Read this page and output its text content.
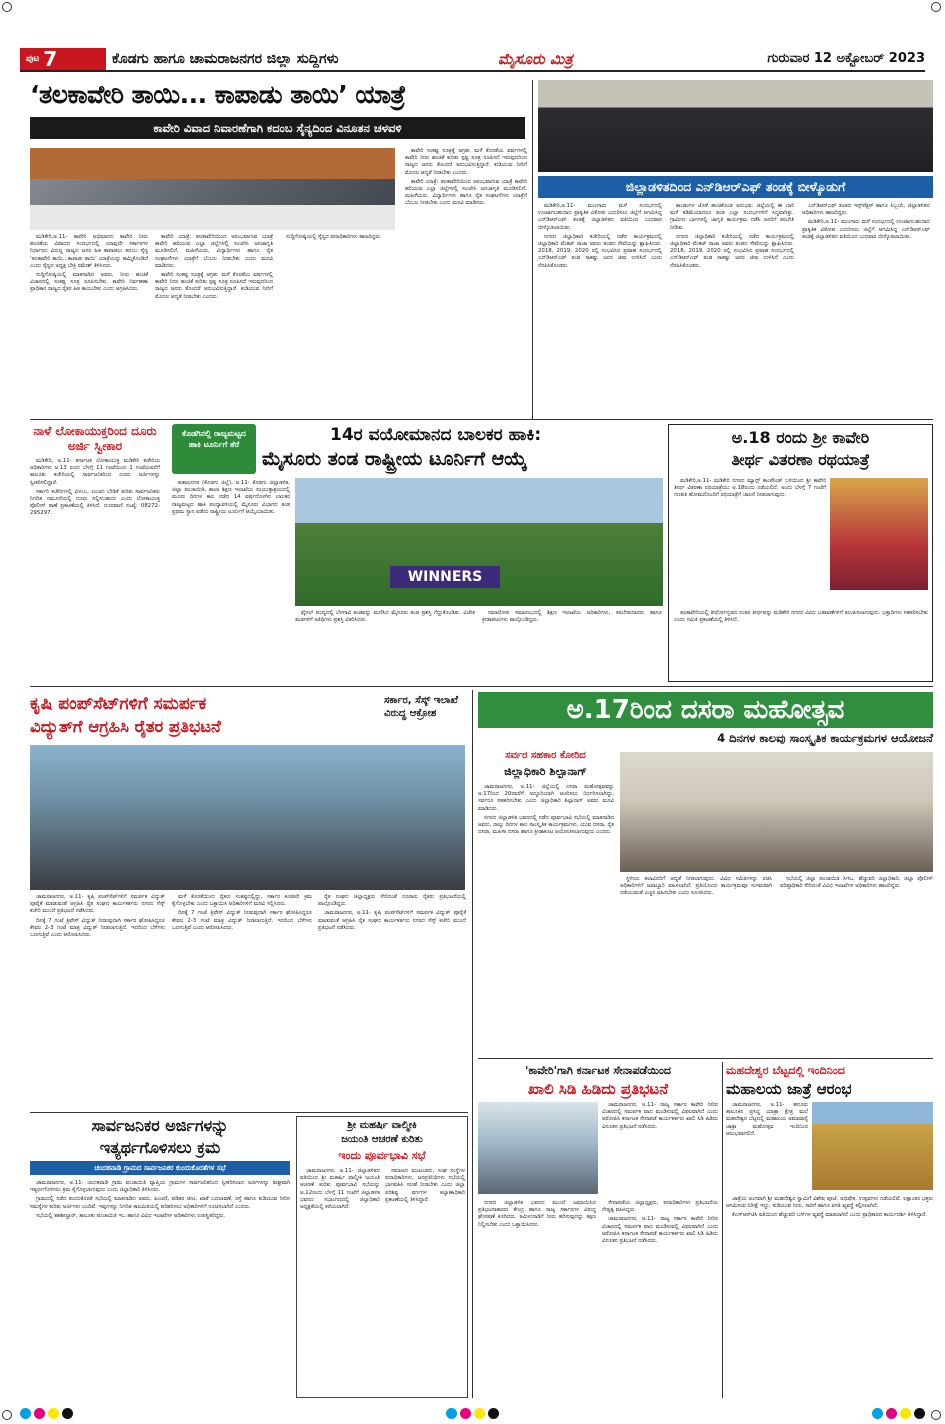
ಪುಟ 7	ಕೊಡಗು ಹಾಗೂ ಚಾಮರಾಜನಗರ ಜಿಲ್ಲಾ ಸುದ್ದಿಗಳು	ಮೈಸೂರು ಮಿತ್ರ	ಗುರುವಾರ 12 ಅಕ್ಟೋಬರ್ 2023
‘ತಲಕಾವೇರಿ ತಾಯಿ... ಕಾಪಾಡು ತಾಯಿ’ ಯಾತ್ರೆ
ಕಾವೇರಿ ವಿವಾದ ನಿವಾರಣೆಗಾಗಿ ಕದಂಬ ಸೈನ್ಯದಿಂದ ವಿನೂತನ ಚಳವಳಿ

ಮಡಿಕೇರಿ,ಅ.11- ಕಾವೇರಿ ಅಭಿಮಾನದ ಕಾವೇರಿ ನೀರು ಹಂಚಿಕೆಯ ವಿವಾದದ ಸಂದರ್ಭದಲ್ಲಿ ಯಾವುದೇ ಸರ್ಕಾರಗಳ ನಿರ್ಧಾರದ ವಿರುದ್ಧ ರಾಜ್ಯದ ಜನರ ಹಿತ ಕಾಪಾಡಲು ಕದಂಬ ಸೈನ್ಯ 'ತಲಕಾವೇರಿ ತಾಯಿ...ಕಾಪಾಡು ತಾಯಿ' ಯಾತ್ರೆಯನ್ನು ಹಮ್ಮಿಕೊಂಡಿದೆ ಎಂದು ಸೈನ್ಯದ ಅಧ್ಯಕ್ಷ ಬೇಕ್ರಿ ರಮೇಶ್ ತಿಳಿಸಿದರು.

ಸುದ್ದಿಗೋಷ್ಠಿಯಲ್ಲಿ ಮಾತನಾಡಿದ ಅವರು, ನೀರು ಹಂಚಿಕೆ ವಿಚಾರದಲ್ಲಿ ಸಂಕಷ್ಟ ಸೂತ್ರ ರೂಪಿಸಬೇಕು. ಕಾವೇರಿ ನಿರ್ವಹಣಾ ಪ್ರಾಧಿಕಾರ ರಾಜ್ಯದ ರೈತರ ಹಿತ ಕಾಯಬೇಕು ಎಂದು ಆಗ್ರಹಿಸಿದರು.

ಕಾವೇರಿ ಯಾತ್ರೆ: ತಲಕಾವೇರಿಯಿಂದ ಆರಂಭವಾಗುವ ಯಾತ್ರೆ ಕಾವೇರಿ ಹರಿಯುವ ಎಲ್ಲಾ ಜಿಲ್ಲೆಗಳಲ್ಲಿ ಸಂಚರಿಸಿ ಜನಜಾಗೃತಿ ಮೂಡಿಸಲಿದೆ. ಮಹಿಳೆಯರು, ವಿದ್ಯಾರ್ಥಿಗಳು ಹಾಗೂ ರೈತ ಸಂಘಟನೆಗಳು ಯಾತ್ರೆಗೆ ಬೆಂಬಲ ನೀಡಬೇಕು ಎಂದು ಮನವಿ ಮಾಡಿದರು.

ಕಾವೇರಿ ಸಂಕಷ್ಟ ಸೂತ್ರಕ್ಕೆ ಆಗ್ರಹ: ಮಳೆ ಕೊರತೆಯ ವರ್ಷಗಳಲ್ಲಿ ಕಾವೇರಿ ನೀರು ಹಂಚಿಕೆ ಕುರಿತು ಸ್ಪಷ್ಟ ಸೂತ್ರ ರೂಪಿಸದೆ ಇರುವುದರಿಂದ ರಾಜ್ಯದ ಜನರು ತೊಂದರೆ ಅನುಭವಿಸುತ್ತಿದ್ದಾರೆ. ಕುಡಿಯುವ ನೀರಿಗೆ ಮೊದಲ ಆದ್ಯತೆ ನೀಡಬೇಕು ಎಂದರು.

ಸುದ್ದಿಗೋಷ್ಠಿಯಲ್ಲಿ ಸೈನ್ಯದ ಪದಾಧಿಕಾರಿಗಳು ಹಾಜರಿದ್ದರು.

ಕಾವೇರಿ ಸಂಕಷ್ಟ ಸೂತ್ರಕ್ಕೆ ಆಗ್ರಹ: ಮಳೆ ಕೊರತೆಯ ವರ್ಷಗಳಲ್ಲಿ ಕಾವೇರಿ ನೀರು ಹಂಚಿಕೆ ಕುರಿತು ಸ್ಪಷ್ಟ ಸೂತ್ರ ರೂಪಿಸದೆ ಇರುವುದರಿಂದ ರಾಜ್ಯದ ಜನರು ತೊಂದರೆ ಅನುಭವಿಸುತ್ತಿದ್ದಾರೆ. ಕುಡಿಯುವ ನೀರಿಗೆ ಮೊದಲ ಆದ್ಯತೆ ನೀಡಬೇಕು ಎಂದರು.

ಕಾವೇರಿ ಯಾತ್ರೆ: ತಲಕಾವೇರಿಯಿಂದ ಆರಂಭವಾಗುವ ಯಾತ್ರೆ ಕಾವೇರಿ ಹರಿಯುವ ಎಲ್ಲಾ ಜಿಲ್ಲೆಗಳಲ್ಲಿ ಸಂಚರಿಸಿ ಜನಜಾಗೃತಿ ಮೂಡಿಸಲಿದೆ. ಮಹಿಳೆಯರು, ವಿದ್ಯಾರ್ಥಿಗಳು ಹಾಗೂ ರೈತ ಸಂಘಟನೆಗಳು ಯಾತ್ರೆಗೆ ಬೆಂಬಲ ನೀಡಬೇಕು ಎಂದು ಮನವಿ ಮಾಡಿದರು.

ಜಿಲ್ಲಾಡಳಿತದಿಂದ ಎನ್‌ಡಿಆರ್‌ಎಫ್ ತಂಡಕ್ಕೆ ಬೀಳ್ಕೊಡುಗೆ

ಮಡಿಕೇರಿ,ಅ.11- ಮುಂಗಾರು ಮಳೆ ಸಂದರ್ಭದಲ್ಲಿ ಉಂಟಾಗಬಹುದಾದ ಪ್ರಾಕೃತಿಕ ವಿಕೋಪ ಎದುರಿಸಲು ಜಿಲ್ಲೆಗೆ ಆಗಮಿಸಿದ್ದ ಎನ್‌ಡಿಆರ್‌ಎಫ್ ತಂಡಕ್ಕೆ ಜಿಲ್ಲಾಡಳಿತದ ವತಿಯಿಂದ ಬುಧವಾರ ಬೀಳ್ಕೊಡಲಾಯಿತು.

ನಗರದ ಜಿಲ್ಲಾಧಿಕಾರಿ ಕಚೇರಿಯಲ್ಲಿ ನಡೆದ ಕಾರ್ಯಕ್ರಮದಲ್ಲಿ ಜಿಲ್ಲಾಧಿಕಾರಿ ವೆಂಕಟ್ ರಾಜಾ ಅವರು ತಂಡದ ಸೇವೆಯನ್ನು ಶ್ಲಾಘಿಸಿದರು. 2018, 2019, 2020 ರಲ್ಲಿ ಸಂಭವಿಸಿದ ಪ್ರವಾಹ ಸಂದರ್ಭದಲ್ಲಿ ಎನ್‌ಡಿಆರ್‌ಎಫ್ ತಂಡ ಸಾಕಷ್ಟು ಜನರ ಜೀವ ಉಳಿಸಿದೆ ಎಂದು ನೆನಪಿಸಿಕೊಂಡರು.

ಕಾಂಡಂಗಳ ಜೊತೆ ಹಂಚಿಕೊಂಡ ಅನುಭವ: ಜಿಲ್ಲೆಯಲ್ಲಿ ಈ ಬಾರಿ ಮಳೆ ಕಡಿಮೆಯಾದರೂ ತಂಡ ಎಲ್ಲಾ ಸಂದರ್ಭಗಳಿಗೆ ಸಿದ್ಧವಾಗಿತ್ತು. ಗ್ರಾಮೀಣ ಭಾಗಗಳಲ್ಲಿ ಜಾಗೃತಿ ಕಾರ್ಯಕ್ರಮ ನಡೆಸಿ ಜನರಿಗೆ ತರಬೇತಿ ನೀಡಿತು.

ನಗರದ ಜಿಲ್ಲಾಧಿಕಾರಿ ಕಚೇರಿಯಲ್ಲಿ ನಡೆದ ಕಾರ್ಯಕ್ರಮದಲ್ಲಿ ಜಿಲ್ಲಾಧಿಕಾರಿ ವೆಂಕಟ್ ರಾಜಾ ಅವರು ತಂಡದ ಸೇವೆಯನ್ನು ಶ್ಲಾಘಿಸಿದರು. 2018, 2019, 2020 ರಲ್ಲಿ ಸಂಭವಿಸಿದ ಪ್ರವಾಹ ಸಂದರ್ಭದಲ್ಲಿ ಎನ್‌ಡಿಆರ್‌ಎಫ್ ತಂಡ ಸಾಕಷ್ಟು ಜನರ ಜೀವ ಉಳಿಸಿದೆ ಎಂದು ನೆನಪಿಸಿಕೊಂಡರು.

ಎನ್‌ಡಿಆರ್‌ಎಫ್ ತಂಡದ ಇನ್ಸ್‌ಪೆಕ್ಟರ್ ಹಾಗೂ ಸಿಬ್ಬಂದಿ, ಜಿಲ್ಲಾಡಳಿತದ ಅಧಿಕಾರಿಗಳು ಹಾಜರಿದ್ದರು.

ಮಡಿಕೇರಿ,ಅ.11- ಮುಂಗಾರು ಮಳೆ ಸಂದರ್ಭದಲ್ಲಿ ಉಂಟಾಗಬಹುದಾದ ಪ್ರಾಕೃತಿಕ ವಿಕೋಪ ಎದುರಿಸಲು ಜಿಲ್ಲೆಗೆ ಆಗಮಿಸಿದ್ದ ಎನ್‌ಡಿಆರ್‌ಎಫ್ ತಂಡಕ್ಕೆ ಜಿಲ್ಲಾಡಳಿತದ ವತಿಯಿಂದ ಬುಧವಾರ ಬೀಳ್ಕೊಡಲಾಯಿತು.

ನಾಳೆ ಲೋಕಾಯುಕ್ತರಿಂದ ದೂರು ಅರ್ಜಿ ಸ್ವೀಕಾರ

ಮಡಿಕೇರಿ, ಅ.11- ಕರ್ನಾಟಕ ಲೋಕಾಯುಕ್ತ ಮಡಿಕೇರಿ ಕಚೇರಿಯ ಅಧಿಕಾರಿಗಳು ಅ.13 ರಂದು ಬೆಳಗ್ಗೆ 11 ಗಂಟೆಯಿಂದ 1 ಗಂಟೆಯವರೆಗೆ ತಾಲೂಕು ಕಚೇರಿಯಲ್ಲಿ ಸಾರ್ವಜನಿಕರಿಂದ ದೂರು ಅರ್ಜಿಗಳನ್ನು ಸ್ವೀಕರಿಸಲಿದ್ದಾರೆ.

ಸರ್ಕಾರಿ ಕಚೇರಿಗಳಲ್ಲಿ ವಿಳಂಬ, ಲಂಚದ ಬೇಡಿಕೆ ಕುರಿತು ಸಾರ್ವಜನಿಕರು ನಿಗದಿತ ನಮೂನೆಯಲ್ಲಿ ದೂರು ಸಲ್ಲಿಸಬಹುದು ಎಂದು ಲೋಕಾಯುಕ್ತ ಪೊಲೀಸ್ ಠಾಣೆ ಪ್ರಕಟಣೆಯಲ್ಲಿ ತಿಳಿಸಿದೆ. ದೂರವಾಣಿ ಸಂಖ್ಯೆ: 08272-295297.

ಕೊಡಗಿನಲ್ಲಿ ರಾಜ್ಯಮಟ್ಟದ ಹಾಕಿ ಟೂರ್ನಿಗೆ ತೆರೆ	14ರ ವಯೋಮಾನದ ಬಾಲಕರ ಹಾಕಿ:
ಮೈಸೂರು ತಂಡ ರಾಷ್ಟ್ರೀಯ ಟೂರ್ನಿಗೆ ಆಯ್ಕೆ
WINNERS

ಕುಶಾಲನಗರ (ಕೊಡಗು ಜಿಲ್ಲೆ), ಅ.11- ಕೊಡಗು ಜಿಲ್ಲಾಡಳಿತ, ಜಿಲ್ಲಾ ಪಂಚಾಯಿತಿ, ಶಾಲಾ ಶಿಕ್ಷಣ ಇಲಾಖೆಯ ಸಂಯುಕ್ತಾಶ್ರಯದಲ್ಲಿ ಮೂರು ದಿನಗಳ ಕಾಲ ನಡೆದ 14 ವರ್ಷದೊಳಗಿನ ಬಾಲಕರ ರಾಜ್ಯಮಟ್ಟದ ಹಾಕಿ ಪಂದ್ಯಾವಳಿಯಲ್ಲಿ ಮೈಸೂರು ವಿಭಾಗದ ತಂಡ ಪ್ರಥಮ ಸ್ಥಾನ ಪಡೆದು ರಾಷ್ಟ್ರೀಯ ಟೂರ್ನಿಗೆ ಆಯ್ಕೆಯಾಯಿತು.

ಫೈನಲ್ ಪಂದ್ಯದಲ್ಲಿ ಬೆಳಗಾವಿ ತಂಡವನ್ನು ಮಣಿಸಿದ ಮೈಸೂರು ತಂಡ ಪ್ರಶಸ್ತಿ ಗೆದ್ದುಕೊಂಡಿತು. ವಿಜೇತ ತಂಡಗಳಿಗೆ ಅತಿಥಿಗಳು ಪ್ರಶಸ್ತಿ ವಿತರಿಸಿದರು.

ಸಮಾರೋಪ ಸಮಾರಂಭದಲ್ಲಿ ಶಿಕ್ಷಣ ಇಲಾಖೆಯ ಅಧಿಕಾರಿಗಳು, ತರಬೇತುದಾರರು ಹಾಗೂ ಕ್ರೀಡಾಪಟುಗಳು ಪಾಲ್ಗೊಂಡಿದ್ದರು.

ಅ.18 ರಂದು ಶ್ರೀ ಕಾವೇರಿ
ತೀರ್ಥ ವಿತರಣಾ ರಥಯಾತ್ರೆ

ಮಡಿಕೇರಿ,ಅ.11- ಮಡಿಕೇರಿ ನಗರದ ಮ್ಯಾನ್ಸ್ ಕಾಂಪೌಂಡ್ ಬಳಿಯಿಂದ ಶ್ರೀ ಕಾವೇರಿ ತೀರ್ಥ ವಿತರಣಾ ರಥಯಾತ್ರೆಯು ಅ.18ರಂದು ನಡೆಯಲಿದೆ. ಅಂದು ಬೆಳಗ್ಗೆ 7 ಗಂಟೆಗೆ ಗಣಪತಿ ಹೋಮದೊಂದಿಗೆ ರಥಯಾತ್ರೆಗೆ ಚಾಲನೆ ನೀಡಲಾಗುವುದು.

ತಲಕಾವೇರಿಯಲ್ಲಿ ತೀರ್ಥೋದ್ಭವದ ನಂತರ ತೀರ್ಥವನ್ನು ಮಡಿಕೇರಿ ನಗರದ ವಿವಿಧ ಬಡಾವಣೆಗಳಿಗೆ ತಲುಪಿಸಲಾಗುವುದು. ಭಕ್ತಾದಿಗಳು ಸಹಕರಿಸಬೇಕು ಎಂದು ಸಮಿತಿ ಪ್ರಕಟಣೆಯಲ್ಲಿ ತಿಳಿಸಿದೆ.

ಕೃಷಿ ಪಂಪ್‌ಸೆಟ್‌ಗಳಿಗೆ ಸಮರ್ಪಕ
ವಿದ್ಯುತ್‌ಗೆ ಆಗ್ರಹಿಸಿ ರೈತರ ಪ್ರತಿಭಟನೆ
ಸರ್ಕಾರ, ಸೆಸ್ಕ್ ಇಲಾಖೆ ವಿರುದ್ಧ ಆಕ್ರೋಶ

ಚಾಮರಾಜನಗರ, ಅ.11- ಕೃಷಿ ಪಂಪ್‌ಸೆಟ್‌ಗಳಿಗೆ ಸಮರ್ಪಕ ವಿದ್ಯುತ್ ಪೂರೈಕೆ ಮಾಡುವಂತೆ ಆಗ್ರಹಿಸಿ ರೈತ ಸಂಘದ ಕಾರ್ಯಕರ್ತರು ನಗರದ ಸೆಸ್ಕ್ ಕಚೇರಿ ಮುಂದೆ ಪ್ರತಿಭಟನೆ ನಡೆಸಿದರು.

ದಿನಕ್ಕೆ 7 ಗಂಟೆ ತ್ರಿಫೇಸ್ ವಿದ್ಯುತ್ ನೀಡುವುದಾಗಿ ಸರ್ಕಾರ ಘೋಷಿಸಿದ್ದರೂ ಕೇವಲ 2-3 ಗಂಟೆ ಮಾತ್ರ ವಿದ್ಯುತ್ ನೀಡಲಾಗುತ್ತಿದೆ. ಇದರಿಂದ ಬೆಳೆಗಳು ಒಣಗುತ್ತಿವೆ ಎಂದು ಆರೋಪಿಸಿದರು.

ಮಳೆ ಕೊರತೆಯಿಂದ ರೈತರು ಸಂಕಷ್ಟದಲ್ಲಿದ್ದು, ಸರ್ಕಾರ ಕೂಡಲೇ ಕ್ರಮ ಕೈಗೊಳ್ಳಬೇಕು ಎಂದು ಒತ್ತಾಯಿಸಿ ಅಧಿಕಾರಿಗಳಿಗೆ ಮನವಿ ಸಲ್ಲಿಸಿದರು.

ದಿನಕ್ಕೆ 7 ಗಂಟೆ ತ್ರಿಫೇಸ್ ವಿದ್ಯುತ್ ನೀಡುವುದಾಗಿ ಸರ್ಕಾರ ಘೋಷಿಸಿದ್ದರೂ ಕೇವಲ 2-3 ಗಂಟೆ ಮಾತ್ರ ವಿದ್ಯುತ್ ನೀಡಲಾಗುತ್ತಿದೆ. ಇದರಿಂದ ಬೆಳೆಗಳು ಒಣಗುತ್ತಿವೆ ಎಂದು ಆರೋಪಿಸಿದರು.

ರೈತ ಸಂಘದ ಜಿಲ್ಲಾಧ್ಯಕ್ಷರು ಸೇರಿದಂತೆ ನೂರಾರು ರೈತರು ಪ್ರತಿಭಟನೆಯಲ್ಲಿ ಪಾಲ್ಗೊಂಡಿದ್ದರು.

ಚಾಮರಾಜನಗರ, ಅ.11- ಕೃಷಿ ಪಂಪ್‌ಸೆಟ್‌ಗಳಿಗೆ ಸಮರ್ಪಕ ವಿದ್ಯುತ್ ಪೂರೈಕೆ ಮಾಡುವಂತೆ ಆಗ್ರಹಿಸಿ ರೈತ ಸಂಘದ ಕಾರ್ಯಕರ್ತರು ನಗರದ ಸೆಸ್ಕ್ ಕಚೇರಿ ಮುಂದೆ ಪ್ರತಿಭಟನೆ ನಡೆಸಿದರು.

ಅ.17ರಿಂದ ದಸರಾ ಮಹೋತ್ಸವ
4 ದಿನಗಳ ಕಾಲವು ಸಾಂಸ್ಕೃತಿಕ ಕಾರ್ಯಕ್ರಮಗಳ ಆಯೋಜನೆ
ಸರ್ವರ ಸಹಕಾರ ಕೋರಿದ
ಜಿಲ್ಲಾಧಿಕಾರಿ ಶಿಲ್ಪಾನಾಗ್

ಚಾಮರಾಜನಗರ, ಅ.11- ಜಿಲ್ಲೆಯಲ್ಲಿ ದಸರಾ ಮಹೋತ್ಸವವನ್ನು ಅ.17ರಿಂದ 20ರವರೆಗೆ ಅದ್ದೂರಿಯಾಗಿ ಆಚರಿಸಲು ನಿರ್ಧರಿಸಲಾಗಿದ್ದು, ಸರ್ವರೂ ಸಹಕರಿಸಬೇಕು ಎಂದು ಜಿಲ್ಲಾಧಿಕಾರಿ ಶಿಲ್ಪಾನಾಗ್ ಅವರು ಮನವಿ ಮಾಡಿದರು.

ನಗರದ ಜಿಲ್ಲಾಡಳಿತ ಭವನದಲ್ಲಿ ನಡೆದ ಪೂರ್ವಭಾವಿ ಸಭೆಯಲ್ಲಿ ಮಾತನಾಡಿದ ಅವರು, ನಾಲ್ಕು ದಿನಗಳ ಕಾಲ ಸಾಂಸ್ಕೃತಿಕ ಕಾರ್ಯಕ್ರಮಗಳು, ಯುವ ದಸರಾ, ರೈತ ದಸರಾ, ಮಹಿಳಾ ದಸರಾ ಹಾಗೂ ಕ್ರೀಡಾಕೂಟ ಆಯೋಜಿಸಲಾಗುವುದು ಎಂದರು.

ಸ್ಥಳೀಯ ಕಲಾವಿದರಿಗೆ ಆದ್ಯತೆ ನೀಡಲಾಗುವುದು. ವಿವಿಧ ಸಮಿತಿಗಳನ್ನು ರಚಿಸಿ ಅಧಿಕಾರಿಗಳಿಗೆ ಜವಾಬ್ದಾರಿ ವಹಿಸಲಾಗಿದೆ. ಪ್ರತಿಯೊಂದು ಕಾರ್ಯಕ್ರಮವೂ ಸುಗಮವಾಗಿ ನಡೆಯುವಂತೆ ಎಚ್ಚರ ವಹಿಸಬೇಕು ಎಂದು ಸೂಚಿಸಿದರು.

ಸಭೆಯಲ್ಲಿ ಜಿಲ್ಲಾ ಪಂಚಾಯಿತಿ ಸಿಇಒ, ಹೆಚ್ಚುವರಿ ಜಿಲ್ಲಾಧಿಕಾರಿ, ಜಿಲ್ಲಾ ಪೊಲೀಸ್ ವರಿಷ್ಠಾಧಿಕಾರಿ ಸೇರಿದಂತೆ ವಿವಿಧ ಇಲಾಖೆಗಳ ಅಧಿಕಾರಿಗಳು ಹಾಜರಿದ್ದರು.

'ಕಾವೇರಿ'ಗಾಗಿ ಕರ್ನಾಟಕ ಸೇನಾಪಡೆಯಿಂದ
ಖಾಲಿ ಸಿಡಿ ಹಿಡಿದು ಪ್ರತಿಭಟನೆ

ಚಾಮರಾಜನಗರ, ಅ.11- ರಾಜ್ಯ ಸರ್ಕಾರ ಕಾವೇರಿ ನೀರಿನ ವಿಚಾರದಲ್ಲಿ ಸಮರ್ಪಕ ವಾದ ಮಂಡಿಸುವಲ್ಲಿ ವಿಫಲವಾಗಿದೆ ಎಂದು ಆರೋಪಿಸಿ ಕರ್ನಾಟಕ ಸೇನಾಪಡೆ ಕಾರ್ಯಕರ್ತರು ಖಾಲಿ ಸಿಡಿ ಹಿಡಿದು ವಿನೂತನ ಪ್ರತಿಭಟನೆ ನಡೆಸಿದರು.

ನಗರದ ಜಿಲ್ಲಾಡಳಿತ ಭವನದ ಮುಂದೆ ಜಮಾಯಿಸಿದ ಪ್ರತಿಭಟನಾಕಾರರು ಕೇಂದ್ರ ಹಾಗೂ ರಾಜ್ಯ ಸರ್ಕಾರಗಳ ವಿರುದ್ಧ ಘೋಷಣೆ ಕೂಗಿದರು. ತಮಿಳುನಾಡಿಗೆ ನೀರು ಹರಿಸುವುದನ್ನು ತಕ್ಷಣ ನಿಲ್ಲಿಸಬೇಕು ಎಂದು ಒತ್ತಾಯಿಸಿದರು.

ಸೇನಾಪಡೆಯ ಜಿಲ್ಲಾಧ್ಯಕ್ಷರು, ಪದಾಧಿಕಾರಿಗಳು ಪ್ರತಿಭಟನೆಯ ನೇತೃತ್ವ ವಹಿಸಿದ್ದರು.

ಚಾಮರಾಜನಗರ, ಅ.11- ರಾಜ್ಯ ಸರ್ಕಾರ ಕಾವೇರಿ ನೀರಿನ ವಿಚಾರದಲ್ಲಿ ಸಮರ್ಪಕ ವಾದ ಮಂಡಿಸುವಲ್ಲಿ ವಿಫಲವಾಗಿದೆ ಎಂದು ಆರೋಪಿಸಿ ಕರ್ನಾಟಕ ಸೇನಾಪಡೆ ಕಾರ್ಯಕರ್ತರು ಖಾಲಿ ಸಿಡಿ ಹಿಡಿದು ವಿನೂತನ ಪ್ರತಿಭಟನೆ ನಡೆಸಿದರು.

ಮಹದೇಶ್ವರ ಬೆಟ್ಟದಲ್ಲಿ ಇಂದಿನಿಂದ
ಮಹಾಲಯ ಜಾತ್ರೆ ಆರಂಭ

ಚಾಮರಾಜನಗರ, ಅ.11- ಹನೂರು ತಾಲೂಕಿನ ಪ್ರಸಿದ್ಧ ಯಾತ್ರಾ ಕ್ಷೇತ್ರ ಮಲೆ ಮಹದೇಶ್ವರ ಬೆಟ್ಟದಲ್ಲಿ ಮಹಾಲಯ ಅಮಾವಾಸ್ಯೆ ಜಾತ್ರಾ ಮಹೋತ್ಸವ ಇಂದಿನಿಂದ ಆರಂಭವಾಗಲಿದೆ.

ಜಾತ್ರೆಯ ಅಂಗವಾಗಿ ಶ್ರೀ ಮಹದೇಶ್ವರ ಸ್ವಾಮಿಗೆ ವಿಶೇಷ ಪೂಜೆ, ಅಭಿಷೇಕ, ಉತ್ಸವಗಳು ನಡೆಯಲಿವೆ. ಲಕ್ಷಾಂತರ ಭಕ್ತರು ಆಗಮಿಸುವ ನಿರೀಕ್ಷೆ ಇದ್ದು, ಕುಡಿಯುವ ನೀರು, ಸಾರಿಗೆ ಹಾಗೂ ವಸತಿ ವ್ಯವಸ್ಥೆ ಕಲ್ಪಿಸಲಾಗಿದೆ.

ಕೆಎಸ್‌ಆರ್‌ಟಿಸಿ ವತಿಯಿಂದ ಹೆಚ್ಚುವರಿ ಬಸ್‌ಗಳ ವ್ಯವಸ್ಥೆ ಮಾಡಲಾಗಿದೆ ಎಂದು ಪ್ರಾಧಿಕಾರದ ಕಾರ್ಯದರ್ಶಿ ತಿಳಿಸಿದ್ದಾರೆ.

ಸಾರ್ವಜನಿಕರ ಅರ್ಜಿಗಳನ್ನು
ಇತ್ಯರ್ಥಗೊಳಿಸಲು ಕ್ರಮ
ಚಂದಕವಾಡಿ ಗ್ರಾಮದ ಸಾರ್ವಜನಿಕರ ಕುಂದುಕೊರತೆಗಳ ಸಭೆ

ಚಾಮರಾಜನಗರ, ಅ.11- ಚಂದಕವಾಡಿ ಗ್ರಾಮ ಪಂಚಾಯಿತಿ ವ್ಯಾಪ್ತಿಯ ಗ್ರಾಮಗಳ ಸಾರ್ವಜನಿಕರಿಂದ ಸ್ವೀಕರಿಸಲಾದ ಅರ್ಜಿಗಳನ್ನು ಶೀಘ್ರವಾಗಿ ಇತ್ಯರ್ಥಗೊಳಿಸಲು ಕ್ರಮ ಕೈಗೊಳ್ಳಲಾಗುವುದು ಎಂದು ಜಿಲ್ಲಾಧಿಕಾರಿ ತಿಳಿಸಿದರು.

ಗ್ರಾಮದಲ್ಲಿ ನಡೆದ ಕುಂದುಕೊರತೆ ಸಭೆಯಲ್ಲಿ ಮಾತನಾಡಿದ ಅವರು, ಪಿಂಚಣಿ, ಪಡಿತರ ಚೀಟಿ, ಖಾತೆ ಬದಲಾವಣೆ, ರಸ್ತೆ ಹಾಗೂ ಕುಡಿಯುವ ನೀರಿನ ಸಮಸ್ಯೆಗಳ ಕುರಿತು ಅರ್ಜಿಗಳು ಬಂದಿವೆ. ಇವುಗಳನ್ನು ನಿಗದಿತ ಕಾಲಮಿತಿಯಲ್ಲಿ ಪರಿಹರಿಸಲು ಅಧಿಕಾರಿಗಳಿಗೆ ಸೂಚಿಸಲಾಗಿದೆ ಎಂದರು.

ಸಭೆಯಲ್ಲಿ ತಹಶೀಲ್ದಾರ್, ತಾಲೂಕು ಪಂಚಾಯಿತಿ ಇಒ ಹಾಗೂ ವಿವಿಧ ಇಲಾಖೆಗಳ ಅಧಿಕಾರಿಗಳು ಉಪಸ್ಥಿತರಿದ್ದರು.

ಶ್ರೀ ಮಹರ್ಷಿ ವಾಲ್ಮೀಕಿ
ಜಯಂತಿ ಆಚರಣೆ ಕುರಿತು
ಇಂದು ಪೂರ್ವಭಾವಿ ಸಭೆ

ಚಾಮರಾಜನಗರ, ಅ.11- ಜಿಲ್ಲಾಡಳಿತದ ವತಿಯಿಂದ ಶ್ರೀ ಮಹರ್ಷಿ ವಾಲ್ಮೀಕಿ ಜಯಂತಿ ಆಚರಣೆ ಕುರಿತು ಪೂರ್ವಭಾವಿ ಸಭೆಯನ್ನು ಅ.12ರಂದು ಬೆಳಗ್ಗೆ 11 ಗಂಟೆಗೆ ಜಿಲ್ಲಾಡಳಿತ ಭವನದ ಸಭಾಂಗಣದಲ್ಲಿ ಜಿಲ್ಲಾಧಿಕಾರಿ ಅಧ್ಯಕ್ಷತೆಯಲ್ಲಿ ಕರೆಯಲಾಗಿದೆ.

ಸಮಾಜದ ಮುಖಂಡರು, ಸಂಘ ಸಂಸ್ಥೆಗಳ ಪದಾಧಿಕಾರಿಗಳು, ಜನಪ್ರತಿನಿಧಿಗಳು ಸಭೆಯಲ್ಲಿ ಭಾಗವಹಿಸಿ ಸಲಹೆ ನೀಡಬೇಕು ಎಂದು ಜಿಲ್ಲಾ ಪರಿಶಿಷ್ಟ ವರ್ಗಗಳ ಕಲ್ಯಾಣಾಧಿಕಾರಿ ಪ್ರಕಟಣೆಯಲ್ಲಿ ತಿಳಿಸಿದ್ದಾರೆ.
